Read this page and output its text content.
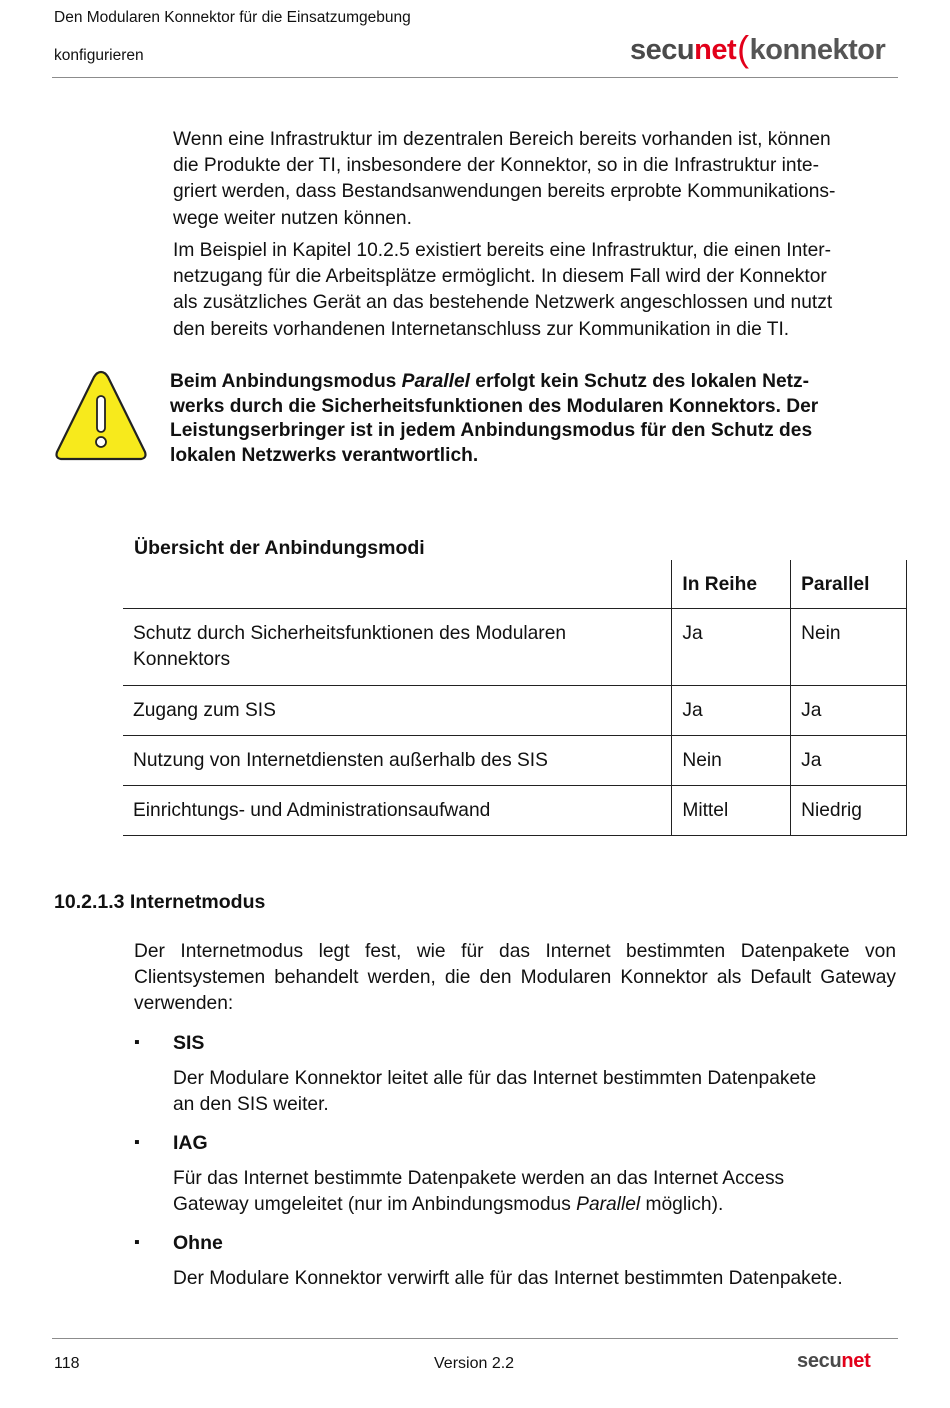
Den Modularen Konnektor für die Einsatzumgebung
konfigurieren	secunet(konnektor
Wenn eine Infrastruktur im dezentralen Bereich bereits vorhanden ist, können
die Produkte der TI, insbesondere der Konnektor, so in die Infrastruktur inte-
griert werden, dass Bestandsanwendungen bereits erprobte Kommunikations-
wege weiter nutzen können.
Im Beispiel in Kapitel 10.2.5 existiert bereits eine Infrastruktur, die einen Inter-
netzugang für die Arbeitsplätze ermöglicht. In diesem Fall wird der Konnektor
als zusätzliches Gerät an das bestehende Netzwerk angeschlossen und nutzt
den bereits vorhandenen Internetanschluss zur Kommunikation in die TI.
Beim Anbindungsmodus Parallel erfolgt kein Schutz des lokalen Netz-
werks durch die Sicherheitsfunktionen des Modularen Konnektors. Der
Leistungserbringer ist in jedem Anbindungsmodus für den Schutz des
lokalen Netzwerks verantwortlich.
Übersicht der Anbindungsmodi
	In Reihe	Parallel

Schutz durch Sicherheitsfunktionen des Modularen
Konnektors	Ja	Nein
Zugang zum SIS	Ja	Ja
Nutzung von Internetdiensten außerhalb des SIS	Nein	Ja
Einrichtungs- und Administrationsaufwand	Mittel	Niedrig
10.2.1.3 Internetmodus

Der Internetmodus legt fest, wie für das Internet bestimmten Datenpakete von Clientsystemen behandelt werden, die den Modularen Konnektor als Default Gateway verwenden:

▪ SIS
Der Modulare Konnektor leitet alle für das Internet bestimmten Datenpakete
an den SIS weiter.
▪ IAG
Für das Internet bestimmte Datenpakete werden an das Internet Access
Gateway umgeleitet (nur im Anbindungsmodus Parallel möglich).
▪ Ohne
Der Modulare Konnektor verwirft alle für das Internet bestimmten Datenpakete.
118	Version 2.2	secunet
